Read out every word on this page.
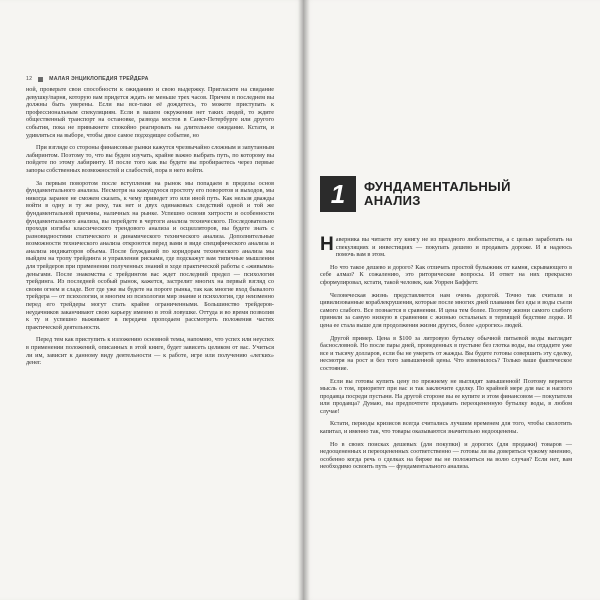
12	МАЛАЯ ЭНЦИКЛОПЕДИЯ ТРЕЙДЕРА

ной, проверьте свои способности к ожиданию и свою выдержку. Пригласите на свидание девушку/парня, которую вам придется ждать не меньше трех часов. Причем в последнем вы должны быть уверены. Если вы все-таки её дождетесь, то можете приступать к профессиональным спекуляциям. Если в вашем окружении нет таких людей, то ждите общественный транспорт на остановке, развода мостов в Санкт-Петербурге или другого события, пока не привыкнете спокойно реагировать на длительное ожидание. Кстати, и удивляться на выборе, чтобы двое самое подходящее событие, но

При взгляде со стороны финансовые рынки кажутся чрезвычайно сложным и запутанным лабиринтом. Поэтому то, что вы будем изучать, крайне важно выбрать путь, по которому вы пойдете по этому лабиринту. И после того как вы будете вы пробираетесь через первые запоры собственных возможностей и слабостей, пора в него войти.

За первым поворотом после вступления на рынок мы попадаем в пределы основ фундаментального анализа. Несмотря на кажущуюся простоту его поворотов и выходов, мы никогда заранее не сможем сказать, к чему приведет это или иной путь. Как нельзя дважды войти в одну и ту же реку, так нет и двух одинаковых следствий одной и той же фундаментальной причины, наличных на рынке. Успешно освоив хитрости и особенности фундаментального анализа, вы перейдете в чертоги анализа технического. Последовательно проходя изгибы классического трендового анализа и осцилляторов, вы будете знать с разновидностями статического и динамического технического анализа. Дополнительные возможности технического анализа откроются перед вами в виде специфического анализа и анализа индикаторов объема. После блужданий по коридорам технического анализа мы выйдем на тропу трейдинга и управления рисками, где подскажут вам типичные мышления для трейдеров при применении полученных знаний в ходе практической работы с «живыми» деньгами. После знакомства с трейдингом вас ждет последний предел — психология трейдинга. Из последней особый рынок, кажется, застрелит многих на первый взгляд со своим огнем и сладе. Вот где уже вы будете на пороге рынка, так как многие вход бывалого трейдера — от психологии, и многим из психологии мир знание и психология, где неизменно перед его трейдеры могут стать крайне ограниченными. Большинство трейдеров-неудачников заканчивают свою карьеру именно в этой ловушке. Оттуда и во время позволив к ту и успешно выживают в передачи проподаем рассмотреть положения частях практической деятельности.

Перед тем как приступить к изложению основной темы, напомню, что успех или неуспех в применении положений, описанных в этой книге, будет зависеть целиком от вас. Учиться ли им, зависит к данному виду деятельности — к работе, игре или получению «легких» денег.

1	ФУНДАМЕНТАЛЬНЫЙ
АНАЛИЗ

Наверника вы читаете эту книгу не из праздного любопытства, а с целью заработать на спекуляциях и инвестициях — покупать дешево и продавать дороже. И я надеюсь помочь вам в этом.

Но что такое дешево и дорого? Как отличать простой булыжник от камня, скрывающего в себе алмаз? К сожалению, это риторические вопросы. И ответ на них прекрасно сформулировал, кстати, такой человек, как Уоррен Баффетт.

Человеческая жизнь представляется нам очень дорогой. Точно так считали и цивилизованные кораблекрушения, которые после многих дней плавания без еды и воды съели самого слабого. Все познается в сравнении. И цена тем более. Поэтому жизни самого слабого приняли за самую низкую в сравнении с жизнью остальных в терпящей бедствие лодке. И цена ее стала выше для продолжения жизни других, более «дорогих» людей.

Другой пример. Цена в $100 за литровую бутылку обычной питьевой воды выглядит баснословной. Но после пары дней, проведенных в пустыне без глотка воды, вы отдадите уже все и тысячу долларов, если бы не умереть от жажды. Вы будете готовы совершить эту сделку, несмотря на рост и без того завышенной цены. Что изменилось? Только ваше фактическое состояние.

Если вы готовы купить цену по прежнему не выглядят завышенной! Поэтому вернется мысль о том, приоритет при вас и так заключите сделку. По крайней мере для вас и наглого продавца посреди пустыни. На другой стороне вы ее купите и этом финансовом — покупателя или продавца? Думаю, вы предпочтете продавать переоцененную бутылку воды, в любом случае!

Кстати, периоды кризисов всегда считались лучшим временем для того, чтобы сколотить капитал, и именно так, что товары оказываются значительно недооценены.

Но в своих поисках дешевых (для покупки) и дорогих (для продажи) товаров — недооцененных и переоцененных соответственно — готовы ли вы доверяться чужому мнению, особенно когда речь о сделках на бирже вы не положиться на волю случая? Если нет, вам необходимо освоить путь — фундаментального анализа.
